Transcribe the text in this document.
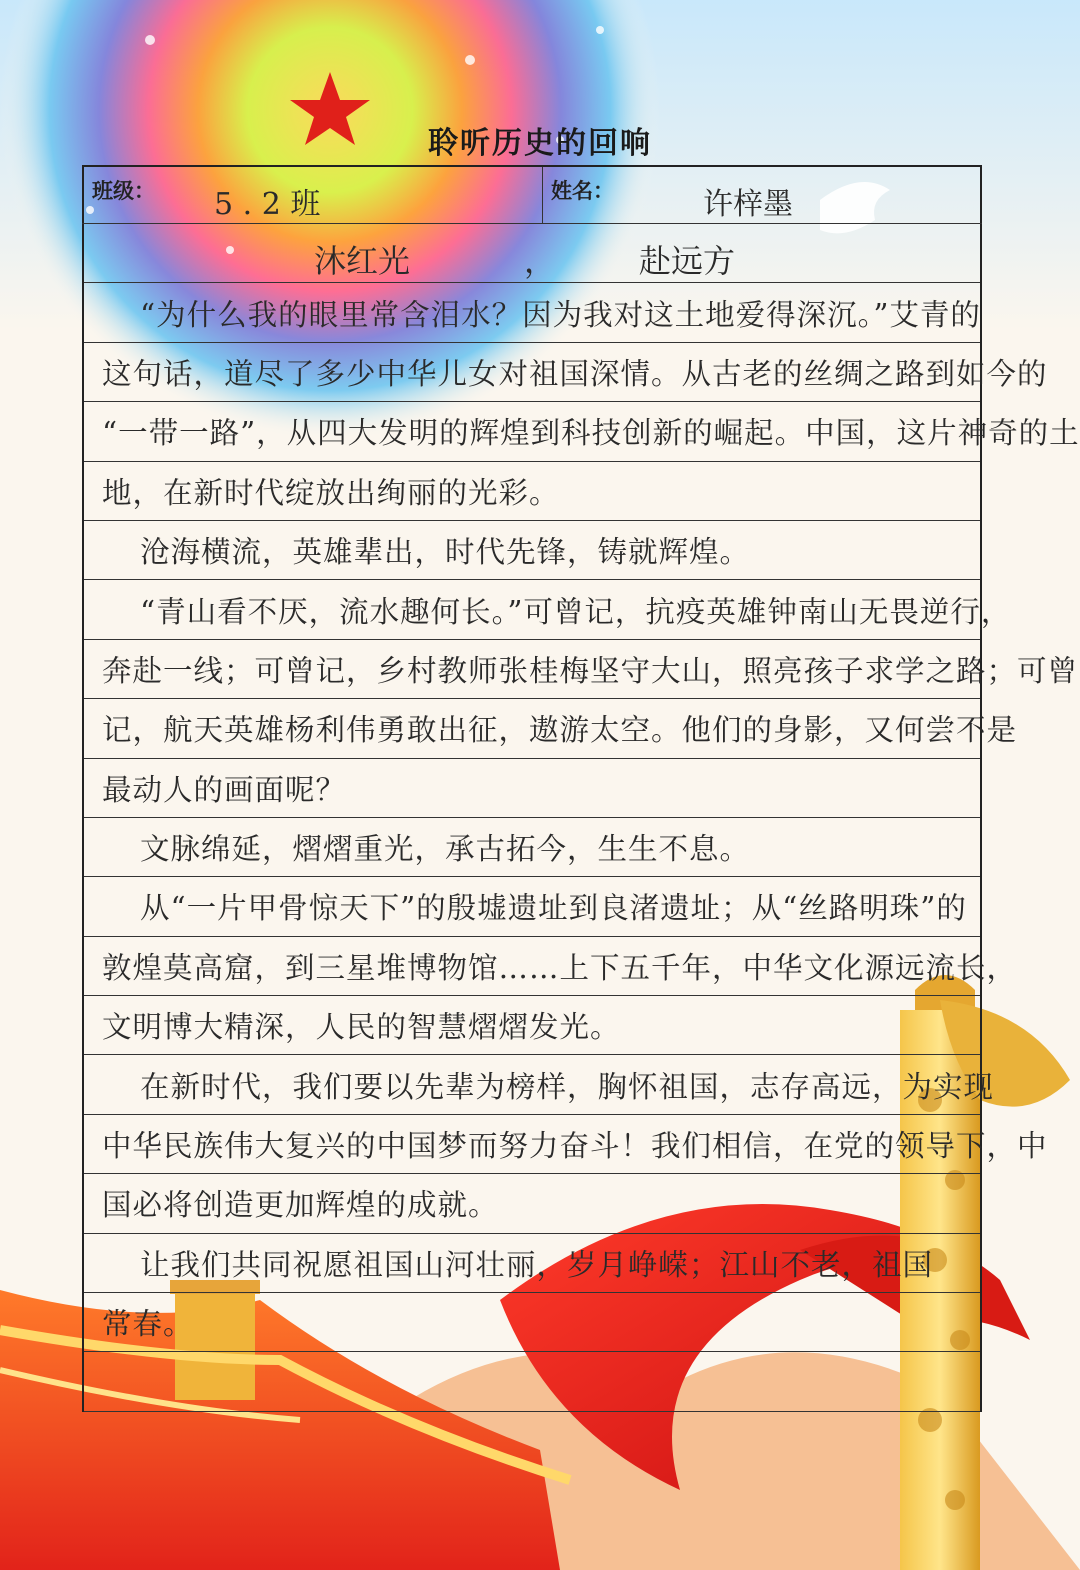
聆听历史的回响
班级： 5 . 2 班	姓名：	许梓墨
沐红光	，	赴远方
“为什么我的眼里常含泪水？因为我对这土地爱得深沉。”艾青的
这句话，道尽了多少中华儿女对祖国深情。从古老的丝绸之路到如今的
“一带一路”，从四大发明的辉煌到科技创新的崛起。中国，这片神奇的土
地，在新时代绽放出绚丽的光彩。
沧海横流，英雄辈出，时代先锋，铸就辉煌。
“青山看不厌，流水趣何长。”可曾记，抗疫英雄钟南山无畏逆行，
奔赴一线；可曾记，乡村教师张桂梅坚守大山，照亮孩子求学之路；可曾
记，航天英雄杨利伟勇敢出征，遨游太空。他们的身影，又何尝不是
最动人的画面呢？
文脉绵延，熠熠重光，承古拓今，生生不息。
从“一片甲骨惊天下”的殷墟遗址到良渚遗址；从“丝路明珠”的
敦煌莫高窟，到三星堆博物馆……上下五千年，中华文化源远流长，
文明博大精深，人民的智慧熠熠发光。
在新时代，我们要以先辈为榜样，胸怀祖国，志存高远，为实现
中华民族伟大复兴的中国梦而努力奋斗！我们相信，在党的领导下，中
国必将创造更加辉煌的成就。
让我们共同祝愿祖国山河壮丽，岁月峥嵘；江山不老，祖国
常春。
